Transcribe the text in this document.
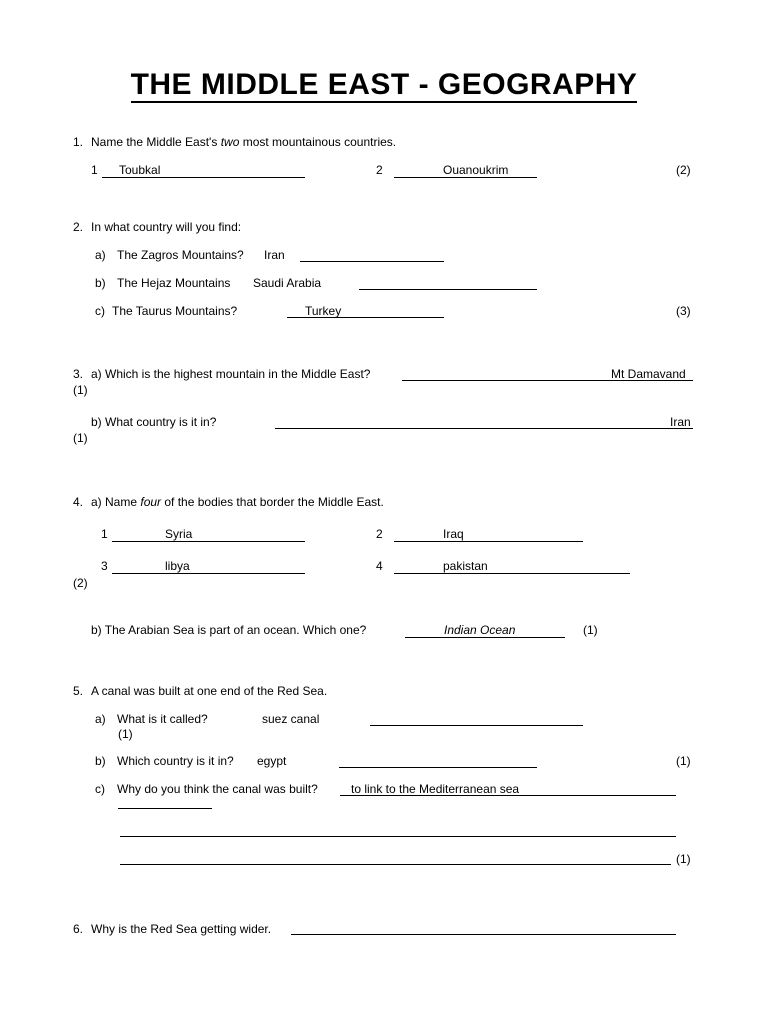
THE MIDDLE EAST - GEOGRAPHY
1. Name the Middle East's two most mountainous countries.
1 Toubkal	2	Ouanoukrim	(2)
2. In what country will you find:
a) The Zagros Mountains? Iran
b) The Hejaz Mountains Saudi Arabia
c) The Taurus Mountains?	Turkey	(3)
3. a) Which is the highest mountain in the Middle East?	Mt Damavand
(1)
b) What country is it in?	Iran
(1)
4. a) Name four of the bodies that border the Middle East.
1	Syria	2	Iraq
3	libya	4	pakistan
(2)
b) The Arabian Sea is part of an ocean. Which one?	Indian Ocean	(1)
5. A canal was built at one end of the Red Sea.
a) What is it called?	suez canal
(1)
b) Which country is it in? egypt	(1)
c) Why do you think the canal was built?	to link to the Mediterranean sea
(1)
6. Why is the Red Sea getting wider.
